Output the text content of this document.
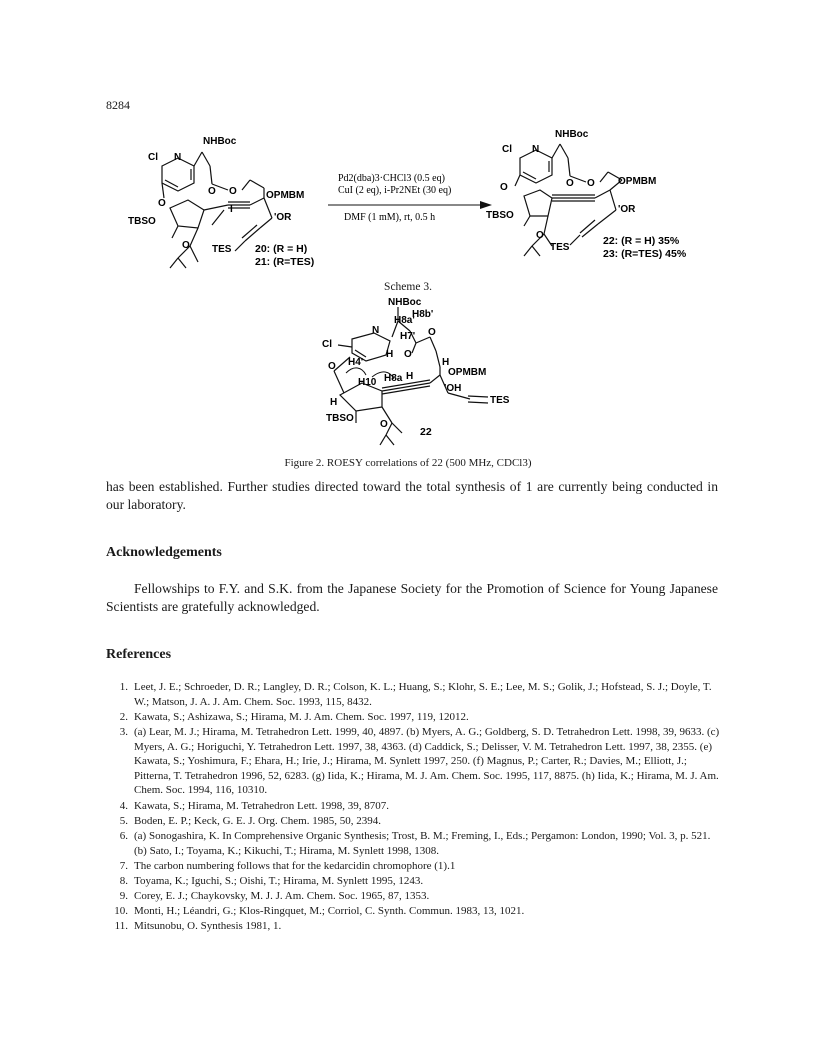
8284
NHBoc
Cl N
O
O
O	OPMBM
'OR
I
TBSO
O TES 20: (R = H)
21: (R=TES)
Pd2(dba)3·CHCl3 (0.5 eq)
CuI (2 eq), i-Pr2NEt (30 eq)
DMF (1 mM), rt, 0.5 h
NHBoc
Cl N
O	O
O	OPMBM
'OR
TBSO
O
TES
22: (R = H) 35%
23: (R=TES) 45%
Scheme 3.
NHBoc
H8a'
H8b'
H7'
Cl
N
H
O
O
O H4'
H10 H8a H
'OH
OPMBM
H
H
TBSO
O
TES
22
Figure 2. ROESY correlations of 22 (500 MHz, CDCl3)
has been established. Further studies directed toward the total synthesis of 1 are currently being conducted in our laboratory.
Acknowledgements
Fellowships to F.Y. and S.K. from the Japanese Society for the Promotion of Science for Young Japanese Scientists are gratefully acknowledged.
References
1. Leet, J. E.; Schroeder, D. R.; Langley, D. R.; Colson, K. L.; Huang, S.; Klohr, S. E.; Lee, M. S.; Golik, J.; Hofstead, S. J.; Doyle, T. W.; Matson, J. A. J. Am. Chem. Soc. 1993, 115, 8432.
2. Kawata, S.; Ashizawa, S.; Hirama, M. J. Am. Chem. Soc. 1997, 119, 12012.
3. (a) Lear, M. J.; Hirama, M. Tetrahedron Lett. 1999, 40, 4897. (b) Myers, A. G.; Goldberg, S. D. Tetrahedron Lett. 1998, 39, 9633. (c) Myers, A. G.; Horiguchi, Y. Tetrahedron Lett. 1997, 38, 4363. (d) Caddick, S.; Delisser, V. M. Tetrahedron Lett. 1997, 38, 2355. (e) Kawata, S.; Yoshimura, F.; Ehara, H.; Irie, J.; Hirama, M. Synlett 1997, 250. (f) Magnus, P.; Carter, R.; Davies, M.; Elliott, J.; Pitterna, T. Tetrahedron 1996, 52, 6283. (g) Iida, K.; Hirama, M. J. Am. Chem. Soc. 1995, 117, 8875. (h) Iida, K.; Hirama, M. J. Am. Chem. Soc. 1994, 116, 10310.
4. Kawata, S.; Hirama, M. Tetrahedron Lett. 1998, 39, 8707.
5. Boden, E. P.; Keck, G. E. J. Org. Chem. 1985, 50, 2394.
6. (a) Sonogashira, K. In Comprehensive Organic Synthesis; Trost, B. M.; Freming, I., Eds.; Pergamon: London, 1990; Vol. 3, p. 521. (b) Sato, I.; Toyama, K.; Kikuchi, T.; Hirama, M. Synlett 1998, 1308.
7. The carbon numbering follows that for the kedarcidin chromophore (1).1
8. Toyama, K.; Iguchi, S.; Oishi, T.; Hirama, M. Synlett 1995, 1243.
9. Corey, E. J.; Chaykovsky, M. J. J. Am. Chem. Soc. 1965, 87, 1353.
10. Monti, H.; Léandri, G.; Klos-Ringquet, M.; Corriol, C. Synth. Commun. 1983, 13, 1021.
11. Mitsunobu, O. Synthesis 1981, 1.
